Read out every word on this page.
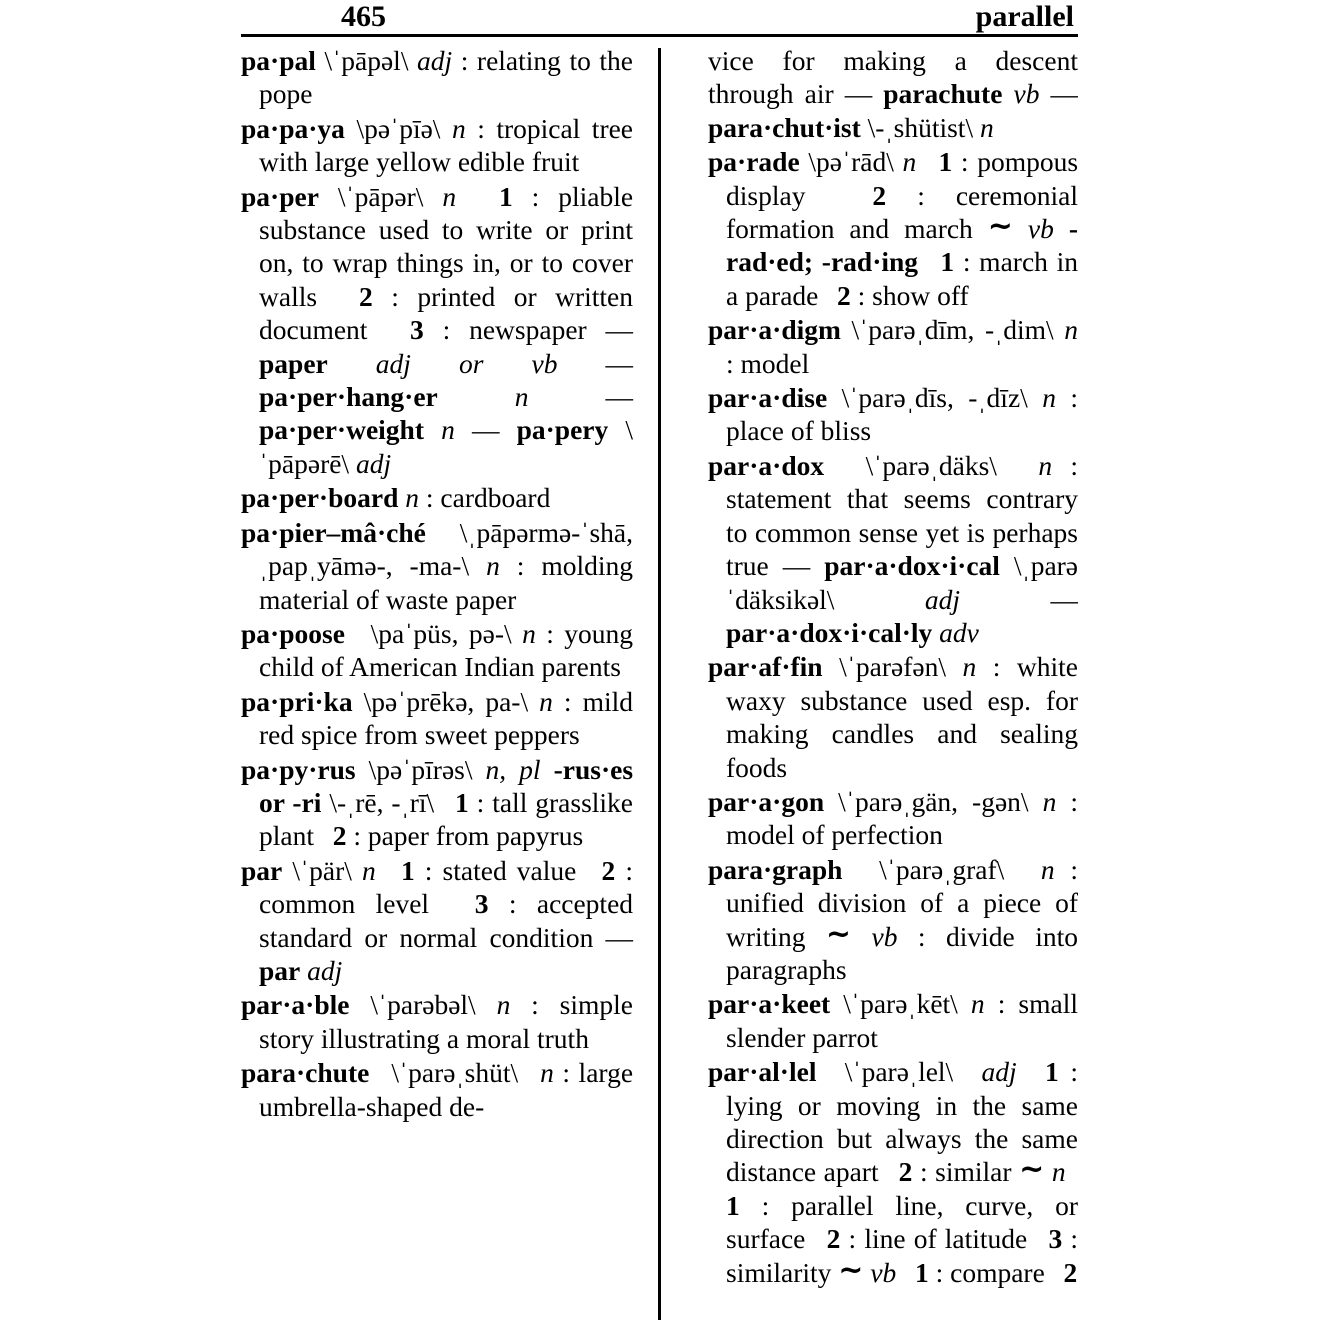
465	parallel
pa·pal \ˈpāpəl\ adj : relating to the pope
pa·pa·ya \pəˈpīə\ n : tropical tree with large yellow edible fruit
pa·per \ˈpāpər\ n 1 : pliable substance used to write or print on, to wrap things in, or to cover walls 2 : printed or written document 3 : newspaper — paper adj or vb — pa·per·hang·er	n	— pa·per·weight n — pa·pery \ˈpāpərē\ adj
pa·per·board n : cardboard
pa·pier–mâ·ché \ˌpāpərmə-ˈshā, ˌpapˌyāmə-, -ma-\ n : molding material of waste paper
pa·poose \paˈpüs, pə-\ n : young child of American Indian parents
pa·pri·ka \pəˈprēkə, pa-\ n : mild red spice from sweet peppers
pa·py·rus \pəˈpīrəs\ n, pl -rus·es or -ri \-ˌrē, -ˌrī\ 1 : tall grasslike plant 2 : paper from papyrus
par \ˈpär\ n 1 : stated value 2 : common level 3 : accepted standard or normal condition — par adj
par·a·ble \ˈparəbəl\ n : simple story illustrating a moral truth
para·chute \ˈparəˌshüt\ n : large umbrella-shaped de-
vice for making a descent through air — parachute vb — para·chut·ist \-ˌshütist\ n
pa·rade \pəˈrād\ n 1 : pompous display 2 : ceremonial formation and march ~ vb -rad·ed; -rad·ing 1 : march in a parade 2 : show off
par·a·digm \ˈparəˌdīm, -ˌdim\ n : model
par·a·dise \ˈparəˌdīs, -ˌdīz\ n : place of bliss
par·a·dox \ˈparəˌdäks\ n : statement that seems contrary to common sense yet is perhaps true — par·a·dox·i·cal \ˌparəˈdäksikəl\	adj	— par·a·dox·i·cal·ly adv
par·af·fin \ˈparəfən\ n : white waxy substance used esp. for making candles and sealing foods
par·a·gon \ˈparəˌgän, -gən\ n : model of perfection
para·graph \ˈparəˌgraf\ n : unified division of a piece of writing ~ vb : divide into paragraphs
par·a·keet \ˈparəˌkēt\ n : small slender parrot
par·al·lel \ˈparəˌlel\ adj 1 : lying or moving in the same direction but always the same distance apart 2 : similar ~ n  1 : parallel line, curve, or surface 2 : line of latitude 3 : similarity ~ vb 1 : compare 2
